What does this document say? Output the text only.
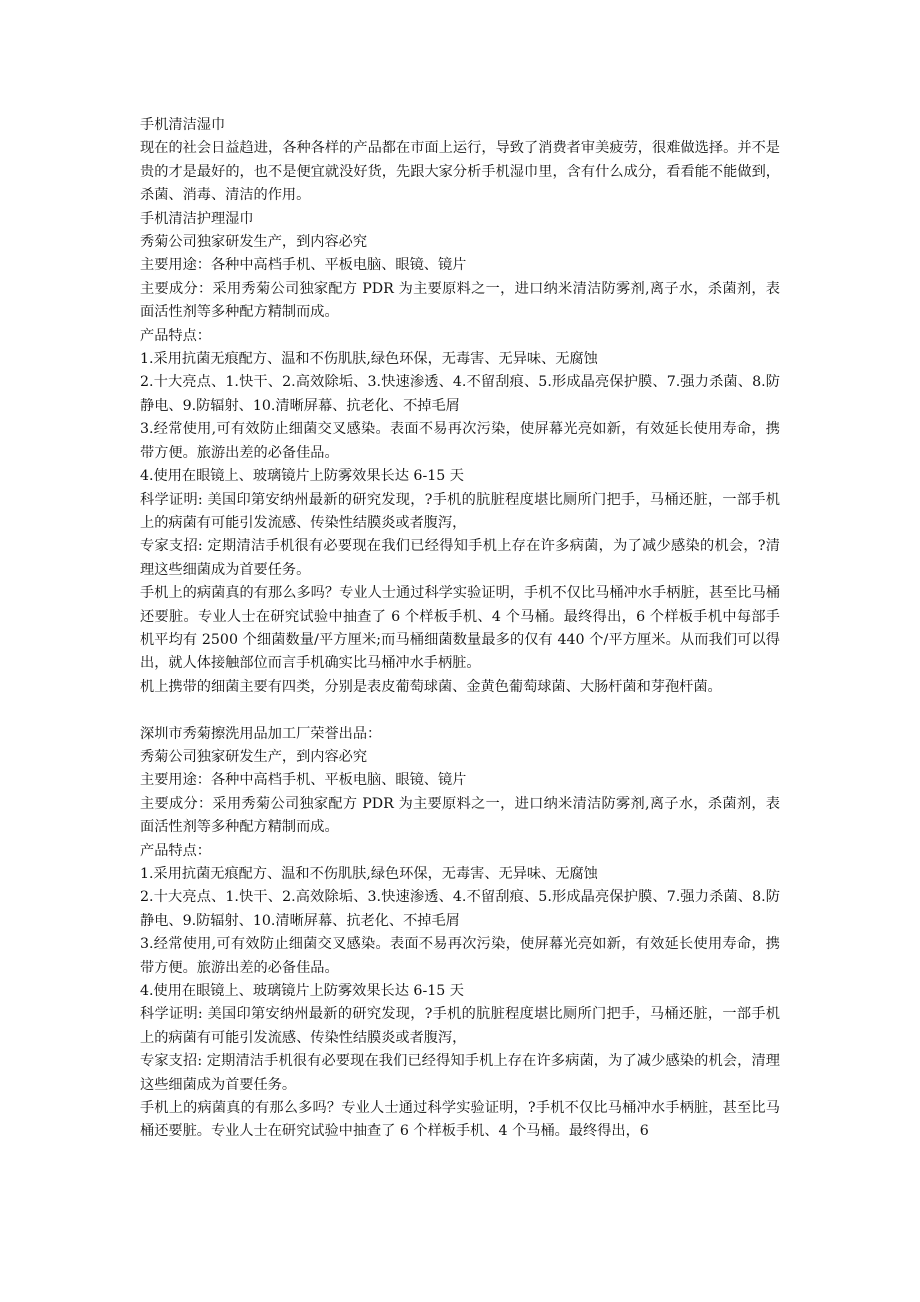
手机清洁湿巾

现在的社会日益趋进，各种各样的产品都在市面上运行，导致了消费者审美疲劳，很难做选择。并不是贵的才是最好的，也不是便宜就没好货，先跟大家分析手机湿巾里，含有什么成分，看看能不能做到，杀菌、消毒、清洁的作用。

手机清洁护理湿巾

秀菊公司独家研发生产，到内容必究

主要用途：各种中高档手机、平板电脑、眼镜、镜片

主要成分：采用秀菊公司独家配方 PDR 为主要原料之一，进口纳米清洁防雾剂,离子水，杀菌剂，表面活性剂等多种配方精制而成。

产品特点：

1.采用抗菌无痕配方、温和不伤肌肤,绿色环保，无毒害、无异味、无腐蚀

2.十大亮点、1.快干、2.高效除垢、3.快速渗透、4.不留刮痕、5.形成晶亮保护膜、7.强力杀菌、8.防静电、9.防辐射、10.清晰屏幕、抗老化、不掉毛屑

3.经常使用,可有效防止细菌交叉感染。表面不易再次污染，使屏幕光亮如新，有效延长使用寿命，携带方便。旅游出差的必备佳品。

4.使用在眼镜上、玻璃镜片上防雾效果长达 6-15 天

科学证明: 美国印第安纳州最新的研究发现，?手机的肮脏程度堪比厕所门把手，马桶还脏，一部手机上的病菌有可能引发流感、传染性结膜炎或者腹泻，

专家支招: 定期清洁手机很有必要现在我们已经得知手机上存在许多病菌，为了减少感染的机会，?清理这些细菌成为首要任务。

手机上的病菌真的有那么多吗？专业人士通过科学实验证明，手机不仅比马桶冲水手柄脏，甚至比马桶还要脏。专业人士在研究试验中抽查了 6 个样板手机、4 个马桶。最终得出，6 个样板手机中每部手机平均有 2500 个细菌数量/平方厘米;而马桶细菌数量最多的仅有 440 个/平方厘米。从而我们可以得出，就人体接触部位而言手机确实比马桶冲水手柄脏。

机上携带的细菌主要有四类，分别是表皮葡萄球菌、金黄色葡萄球菌、大肠杆菌和芽孢杆菌。

深圳市秀菊擦洗用品加工厂荣誉出品：

秀菊公司独家研发生产，到内容必究

主要用途：各种中高档手机、平板电脑、眼镜、镜片

主要成分：采用秀菊公司独家配方 PDR 为主要原料之一，进口纳米清洁防雾剂,离子水，杀菌剂，表面活性剂等多种配方精制而成。

产品特点：

1.采用抗菌无痕配方、温和不伤肌肤,绿色环保，无毒害、无异味、无腐蚀

2.十大亮点、1.快干、2.高效除垢、3.快速渗透、4.不留刮痕、5.形成晶亮保护膜、7.强力杀菌、8.防静电、9.防辐射、10.清晰屏幕、抗老化、不掉毛屑

3.经常使用,可有效防止细菌交叉感染。表面不易再次污染，使屏幕光亮如新，有效延长使用寿命，携带方便。旅游出差的必备佳品。

4.使用在眼镜上、玻璃镜片上防雾效果长达 6-15 天

科学证明: 美国印第安纳州最新的研究发现，?手机的肮脏程度堪比厕所门把手，马桶还脏，一部手机上的病菌有可能引发流感、传染性结膜炎或者腹泻，

专家支招: 定期清洁手机很有必要现在我们已经得知手机上存在许多病菌，为了减少感染的机会，清理这些细菌成为首要任务。

手机上的病菌真的有那么多吗？专业人士通过科学实验证明，?手机不仅比马桶冲水手柄脏，甚至比马桶还要脏。专业人士在研究试验中抽查了 6 个样板手机、4 个马桶。最终得出，6
